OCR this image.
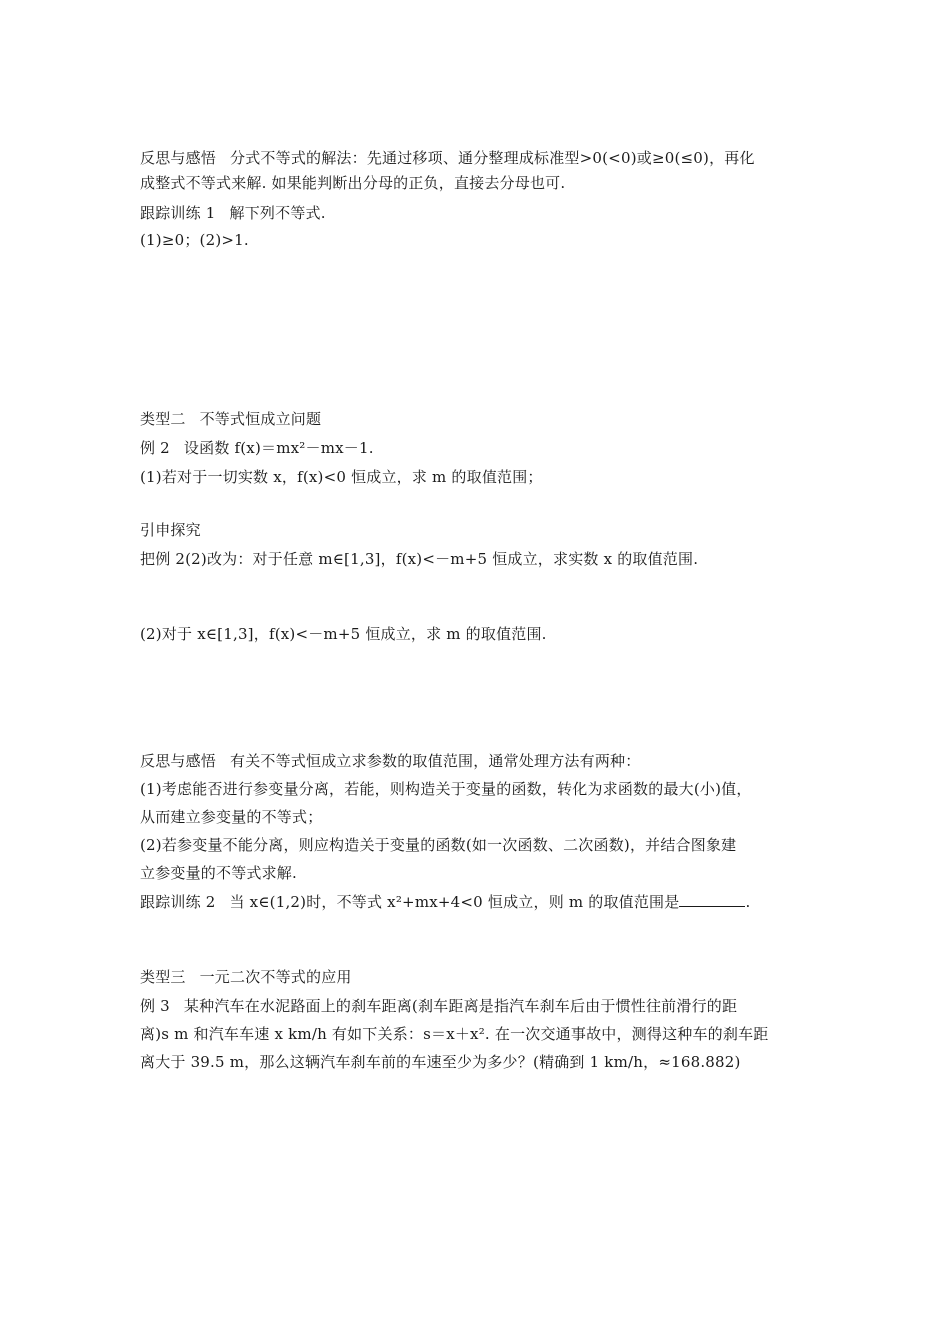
反思与感悟 分式不等式的解法：先通过移项、通分整理成标准型>0(<0)或≥0(≤0)，再化
成整式不等式来解. 如果能判断出分母的正负，直接去分母也可.
跟踪训练 1 解下列不等式.
(1)≥0；(2)>1.
类型二 不等式恒成立问题
例 2 设函数 f(x)＝mx²－mx－1.
(1)若对于一切实数 x，f(x)<0 恒成立，求 m 的取值范围；
引申探究
把例 2(2)改为：对于任意 m∈[1,3]，f(x)<－m+5 恒成立，求实数 x 的取值范围.
(2)对于 x∈[1,3]，f(x)<－m+5 恒成立，求 m 的取值范围.
反思与感悟 有关不等式恒成立求参数的取值范围，通常处理方法有两种：
(1)考虑能否进行参变量分离，若能，则构造关于变量的函数，转化为求函数的最大(小)值，
从而建立参变量的不等式；
(2)若参变量不能分离，则应构造关于变量的函数(如一次函数、二次函数)，并结合图象建
立参变量的不等式求解.
跟踪训练 2 当 x∈(1,2)时，不等式 x²+mx+4<0 恒成立，则 m 的取值范围是	.
类型三 一元二次不等式的应用
例 3 某种汽车在水泥路面上的刹车距离(刹车距离是指汽车刹车后由于惯性往前滑行的距
离)s m 和汽车车速 x km/h 有如下关系：s＝x＋x². 在一次交通事故中，测得这种车的刹车距
离大于 39.5 m，那么这辆汽车刹车前的车速至少为多少？(精确到 1 km/h，≈168.882)
